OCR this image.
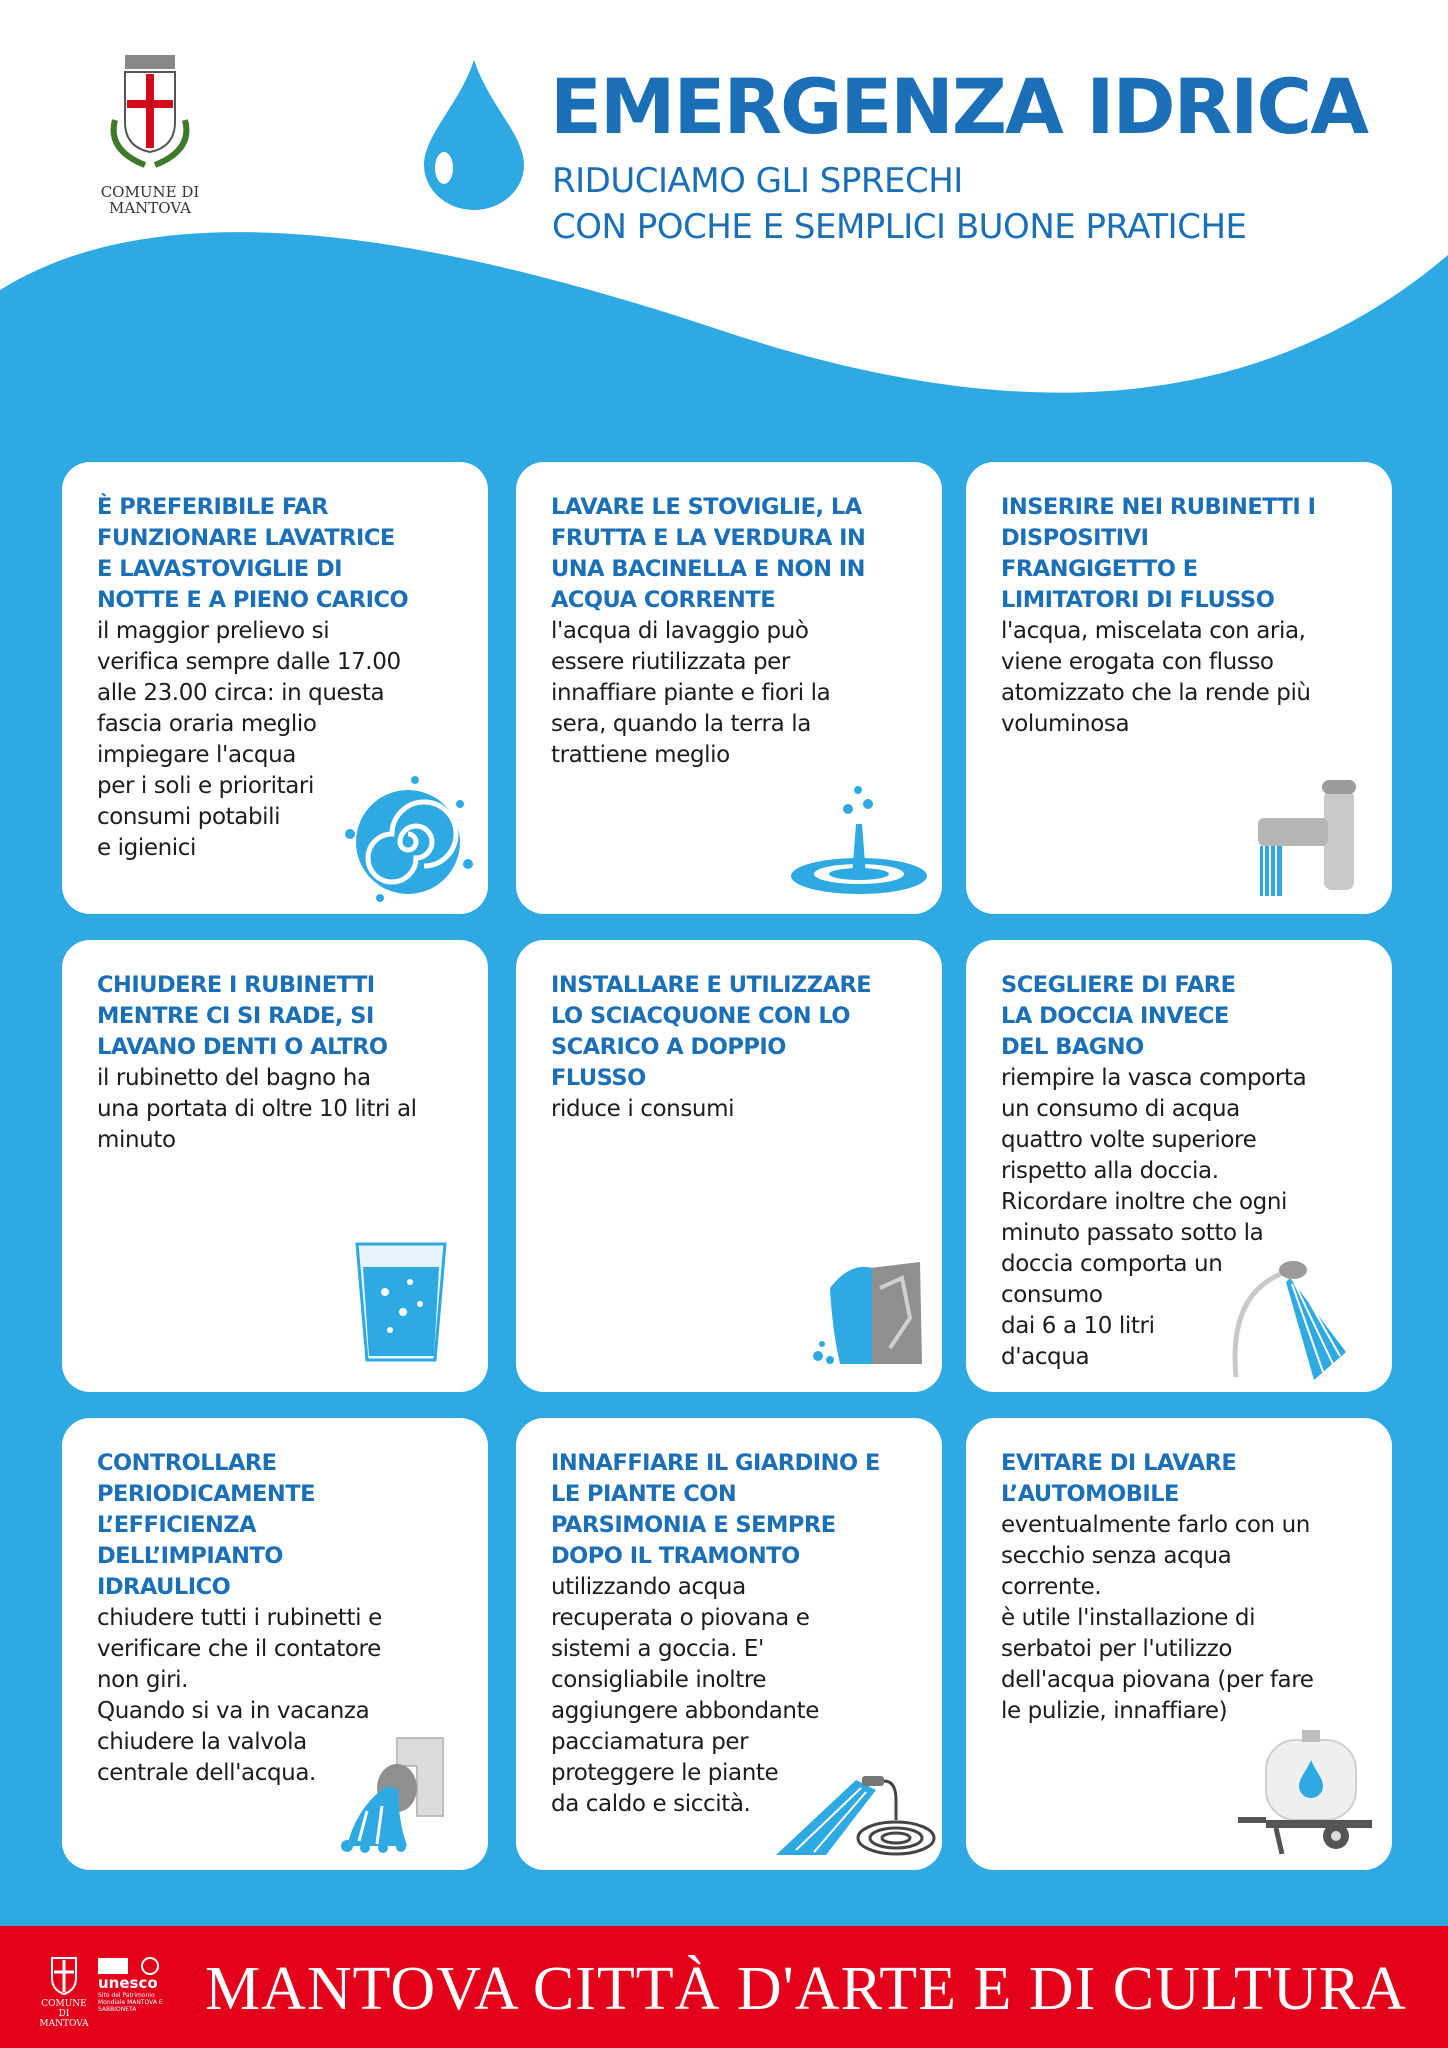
COMUNE DI MANTOVA
EMERGENZA IDRICA
RIDUCIAMO GLI SPRECHI
CON POCHE E SEMPLICI BUONE PRATICHE
È PREFERIBILE FAR
FUNZIONARE LAVATRICE
E LAVASTOVIGLIE DI
NOTTE E A PIENO CARICO
il maggior prelievo si
verifica sempre dalle 17.00
alle 23.00 circa: in questa
fascia oraria meglio
impiegare l'acqua
per i soli e prioritari
consumi potabili
e igienici
LAVARE LE STOVIGLIE, LA
FRUTTA E LA VERDURA IN
UNA BACINELLA E NON IN
ACQUA CORRENTE
l'acqua di lavaggio può
essere riutilizzata per
innaffiare piante e fiori la
sera, quando la terra la
trattiene meglio
INSERIRE NEI RUBINETTI I
DISPOSITIVI
FRANGIGETTO E
LIMITATORI DI FLUSSO
l'acqua, miscelata con aria,
viene erogata con flusso
atomizzato che la rende più
voluminosa
CHIUDERE I RUBINETTI
MENTRE CI SI RADE, SI
LAVANO DENTI O ALTRO
il rubinetto del bagno ha
una portata di oltre 10 litri al
minuto
INSTALLARE E UTILIZZARE
LO SCIACQUONE CON LO
SCARICO A DOPPIO
FLUSSO
riduce i consumi
SCEGLIERE DI FARE
LA DOCCIA INVECE
DEL BAGNO
riempire la vasca comporta
un consumo di acqua
quattro volte superiore
rispetto alla doccia.
Ricordare inoltre che ogni
minuto passato sotto la
doccia comporta un
consumo
dai 6 a 10 litri
d'acqua
CONTROLLARE
PERIODICAMENTE
L’EFFICIENZA
DELL’IMPIANTO
IDRAULICO
chiudere tutti i rubinetti e
verificare che il contatore
non giri.
Quando si va in vacanza
chiudere la valvola
centrale dell'acqua.
INNAFFIARE IL GIARDINO E
LE PIANTE CON
PARSIMONIA E SEMPRE
DOPO IL TRAMONTO
utilizzando acqua
recuperata o piovana e
sistemi a goccia. E'
consigliabile inoltre
aggiungere abbondante
pacciamatura per
proteggere le piante
da caldo e siccità.
EVITARE DI LAVARE
L’AUTOMOBILE
eventualmente farlo con un
secchio senza acqua
corrente.
è utile l'installazione di
serbatoi per l'utilizzo
dell'acqua piovana (per fare
le pulizie, innaffiare)
COMUNE DI MANTOVA
unesco
Sito del Patrimonio Mondiale MANTOVA E SABBIONETA	MANTOVA CITTÀ D'ARTE E DI CULTURA
